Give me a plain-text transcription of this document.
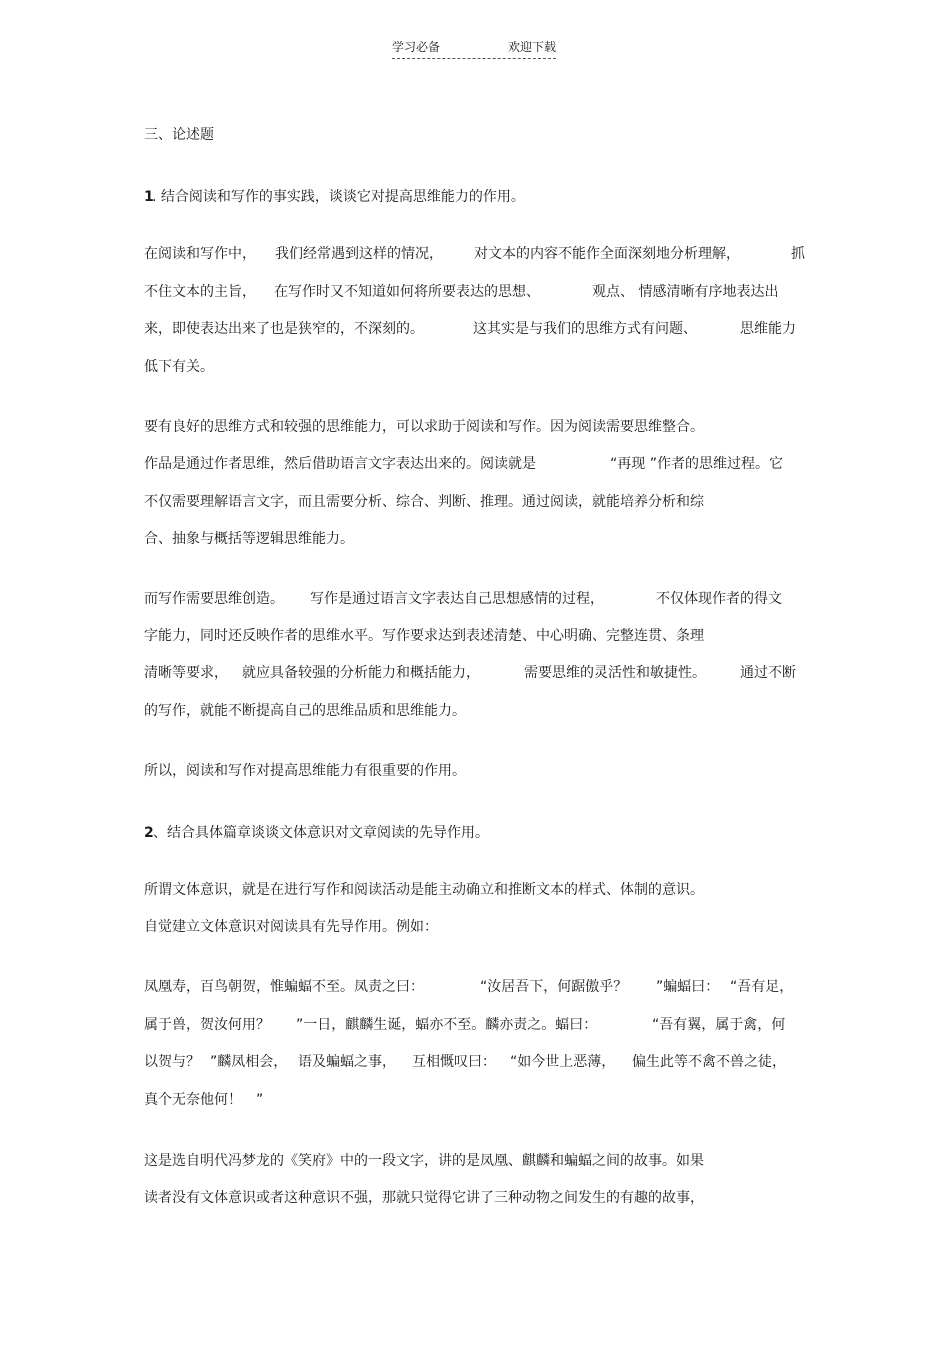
学习必备	欢迎下载
三、论述题
1
. 结合阅读和写作的事实践，谈谈它对提高思维能力的作用。
在阅读和写作中， 我们经常遇到这样的情况， 对文本的内容不能作全面深刻地分析理解，	抓
不住文本的主旨， 在写作时又不知道如何将所要表达的思想、	观点、 情感清晰有序地表达出
来，即使表达出来了也是狭窄的，不深刻的。	这其实是与我们的思维方式有问题、	思维能力
低下有关。
要有良好的思维方式和较强的思维能力，可以求助于阅读和写作。因为阅读需要思维整合。
作品是通过作者思维，然后借助语言文字表达出来的。阅读就是	“再现 ”作者的思维过程。它
不仅需要理解语言文字，而且需要分析、综合、判断、推理。通过阅读，就能培养分析和综
合、抽象与概括等逻辑思维能力。
而写作需要思维创造。 写作是通过语言文字表达自己思想感情的过程，	不仅体现作者的得文
字能力，同时还反映作者的思维水平。写作要求达到表述清楚、中心明确、完整连贯、条理
清晰等要求， 就应具备较强的分析能力和概括能力，	需要思维的灵活性和敏捷性。 通过不断
的写作，就能不断提高自己的思维品质和思维能力。
所以，阅读和写作对提高思维能力有很重要的作用。
2 、结合具体篇章谈谈文体意识对文章阅读的先导作用。
所谓文体意识，就是在进行写作和阅读活动是能主动确立和推断文本的样式、体制的意识。
自觉建立文体意识对阅读具有先导作用。例如：
凤凰寿，百鸟朝贺，惟蝙蝠不至。凤责之曰：	“汝居吾下，何踞傲乎？ ”蝙蝠曰： “吾有足，
属于兽，贺汝何用？ ”一日，麒麟生诞，蝠亦不至。麟亦责之。蝠曰：	“吾有翼，属于禽，何
以贺与？ ”麟凤相会， 语及蝙蝠之事， 互相慨叹曰： “如今世上恶薄， 偏生此等不禽不兽之徒，
真个无奈他何！　”
这是选自明代冯梦龙的《笑府》中的一段文字，讲的是凤凰、麒麟和蝙蝠之间的故事。如果
读者没有文体意识或者这种意识不强，那就只觉得它讲了三种动物之间发生的有趣的故事，
